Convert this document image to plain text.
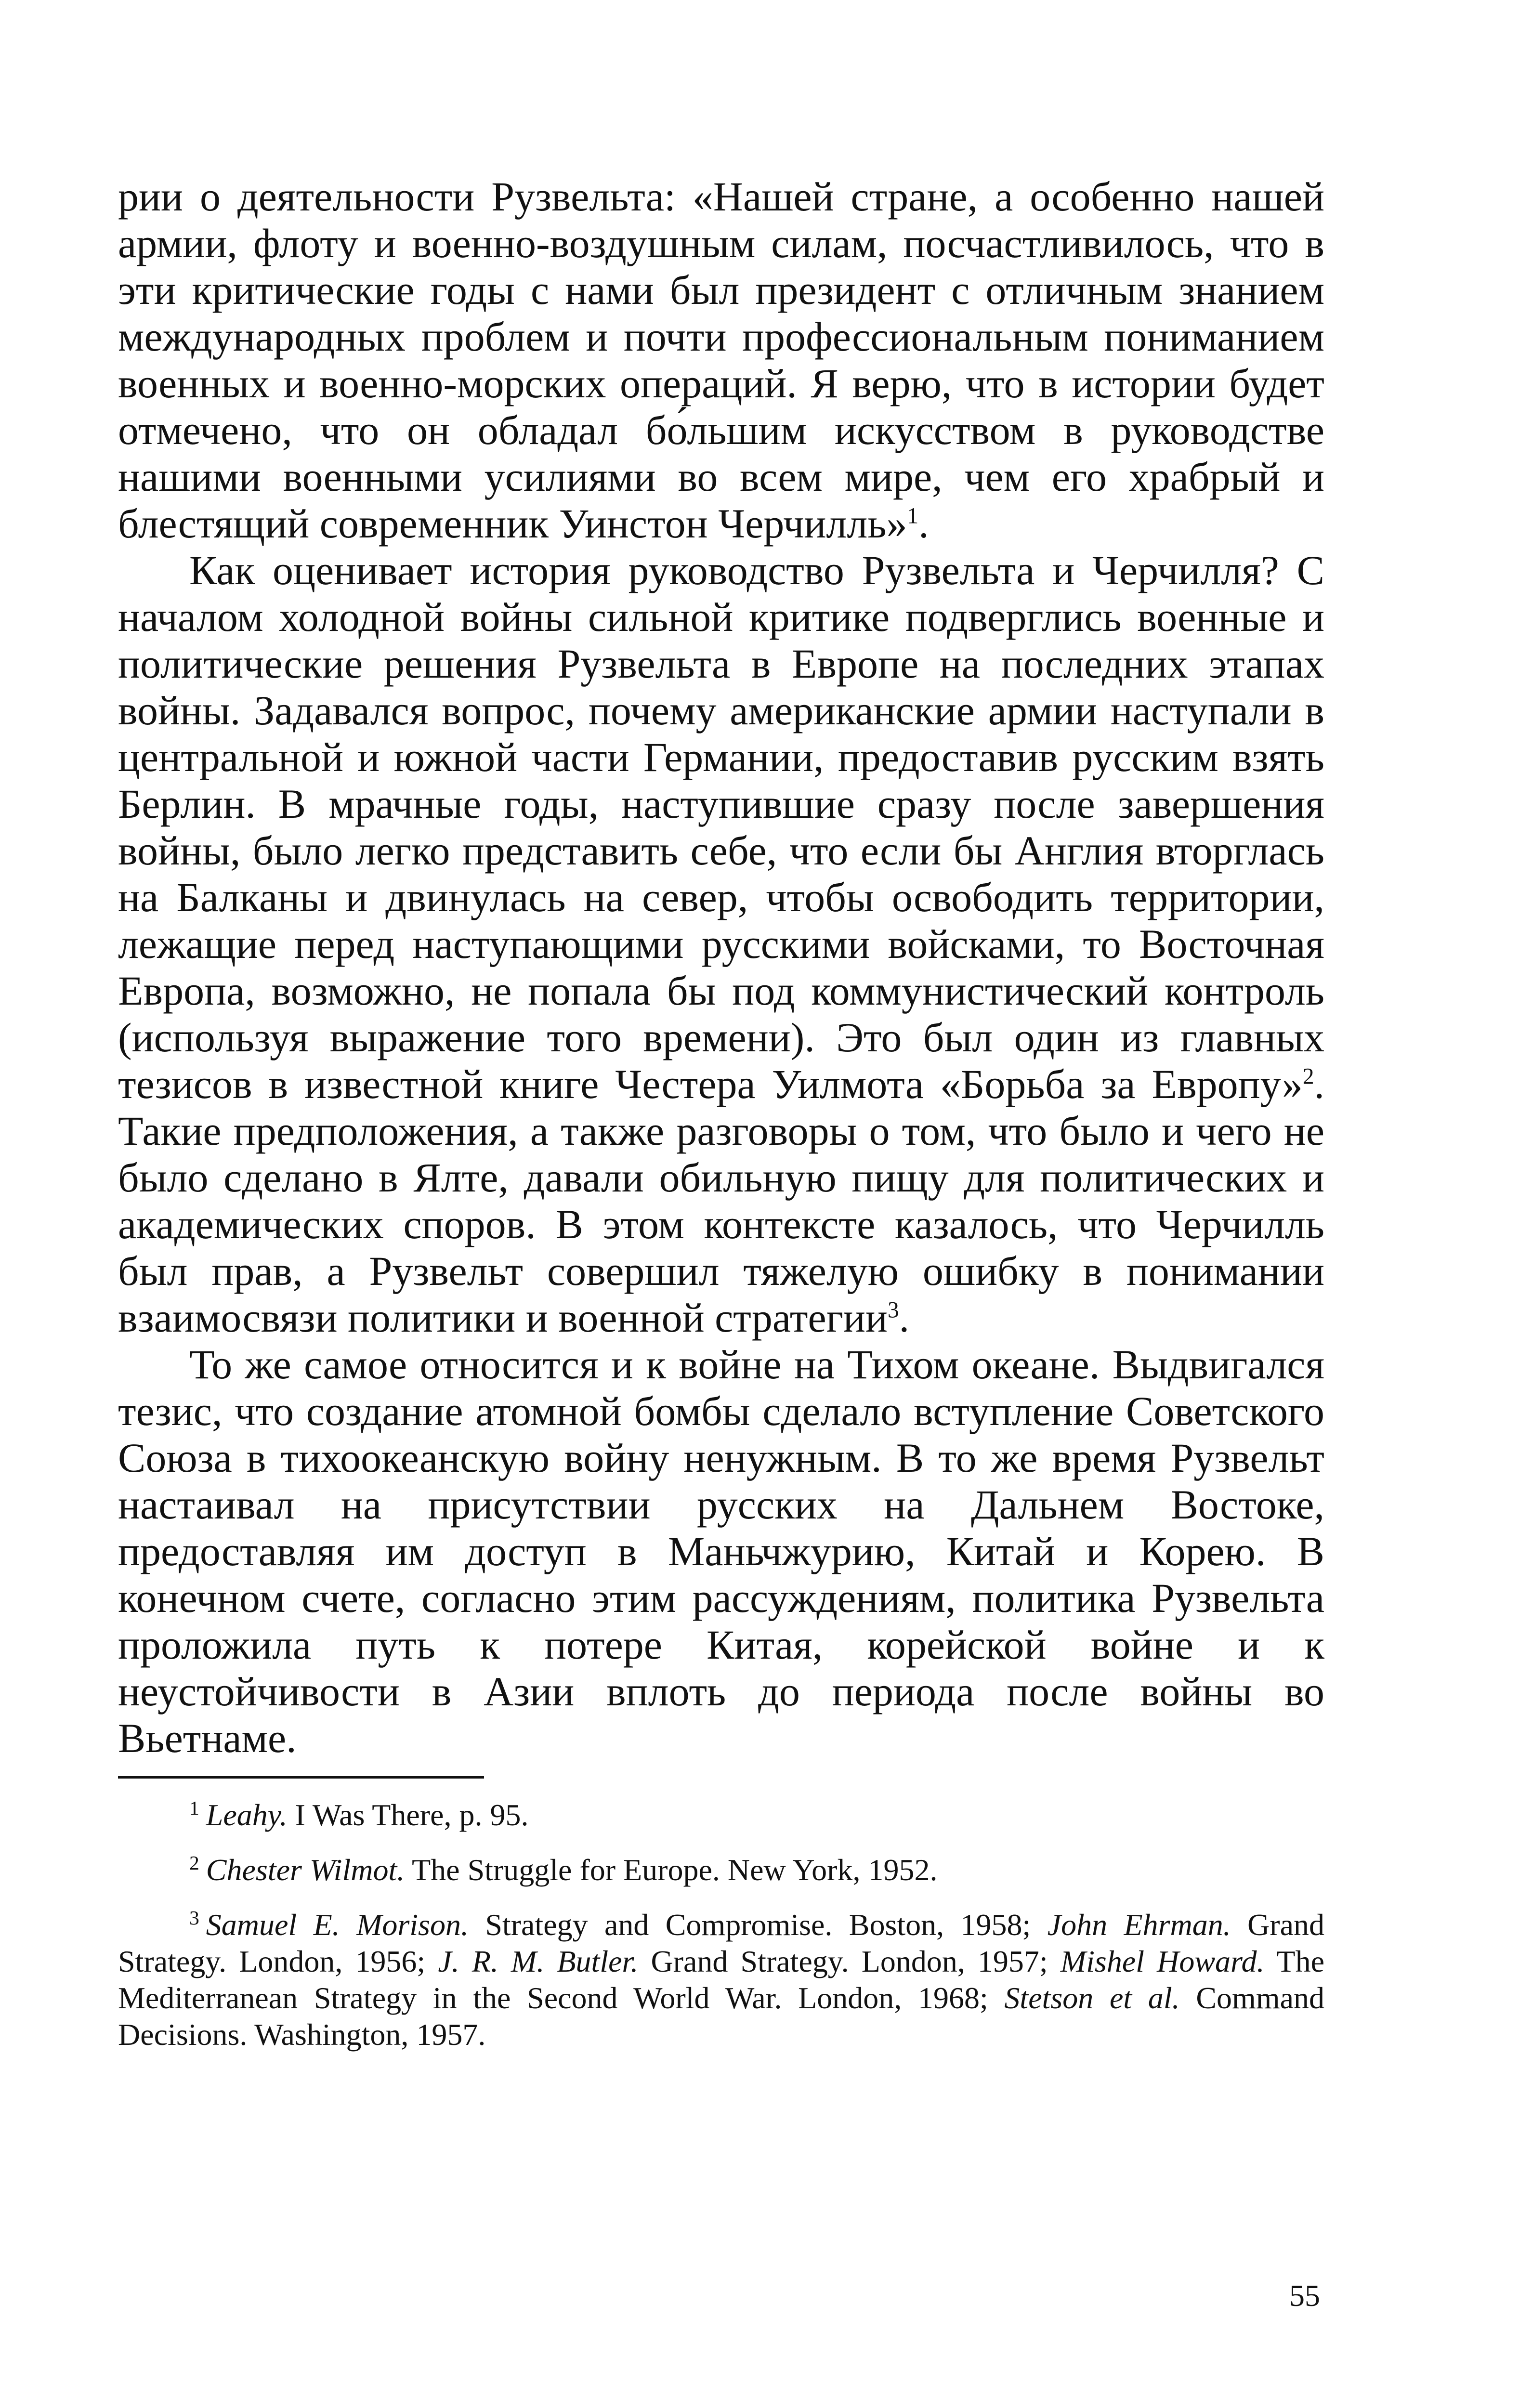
рии о деятельности Рузвельта: «Нашей стране, а особенно нашей армии, флоту и военно-воздушным силам, посчастливилось, что в эти критические годы с нами был президент с отличным знанием международных проблем и почти профессиональным пониманием военных и военно-морских операций. Я верю, что в истории будет отмечено, что он обладал бо́льшим искусством в руководстве нашими военными усилиями во всем мире, чем его храбрый и блестящий современник Уинстон Черчилль»$^1$.

Как оценивает история руководство Рузвельта и Черчилля? С началом холодной войны сильной критике подверглись военные и политические решения Рузвельта в Европе на последних этапах войны. Задавался вопрос, почему американские армии наступали в центральной и южной части Германии, предоставив русским взять Берлин. В мрачные годы, наступившие сразу после завершения войны, было легко представить себе, что если бы Англия вторглась на Балканы и двинулась на север, чтобы освободить территории, лежащие перед наступающими русскими войсками, то Восточная Европа, возможно, не попала бы под коммунистический контроль (используя выражение того времени). Это был один из главных тезисов в известной книге Честера Уилмота «Борьба за Европу»$^2$. Такие предположения, а также разговоры о том, что было и чего не было сделано в Ялте, давали обильную пищу для политических и академических споров. В этом контексте казалось, что Черчилль был прав, а Рузвельт совершил тяжелую ошибку в понимании взаимосвязи политики и военной стратегии$^3$.

То же самое относится и к войне на Тихом океане. Выдвигался тезис, что создание атомной бомбы сделало вступление Советского Союза в тихоокеанскую войну ненужным. В то же время Рузвельт настаивал на присутствии русских на Дальнем Востоке, предоставляя им доступ в Маньчжурию, Китай и Корею. В конечном счете, согласно этим рассуждениям, политика Рузвельта проложила путь к потере Китая, корейской войне и к неустойчивости в Азии вплоть до периода после войны во Вьетнаме.

$^1$ Leahy. I Was There, p. 95.

$^2$ Chester Wilmot. The Struggle for Europe. New York, 1952.

$^3$ Samuel E. Morison. Strategy and Compromise. Boston, 1958; John Ehrman. Grand Strategy. London, 1956; J. R. M. Butler. Grand Strategy. London, 1957; Mishel Howard. The Mediterranean Strategy in the Second World War. London, 1968; Stetson et al. Command Decisions. Washington, 1957.

55
